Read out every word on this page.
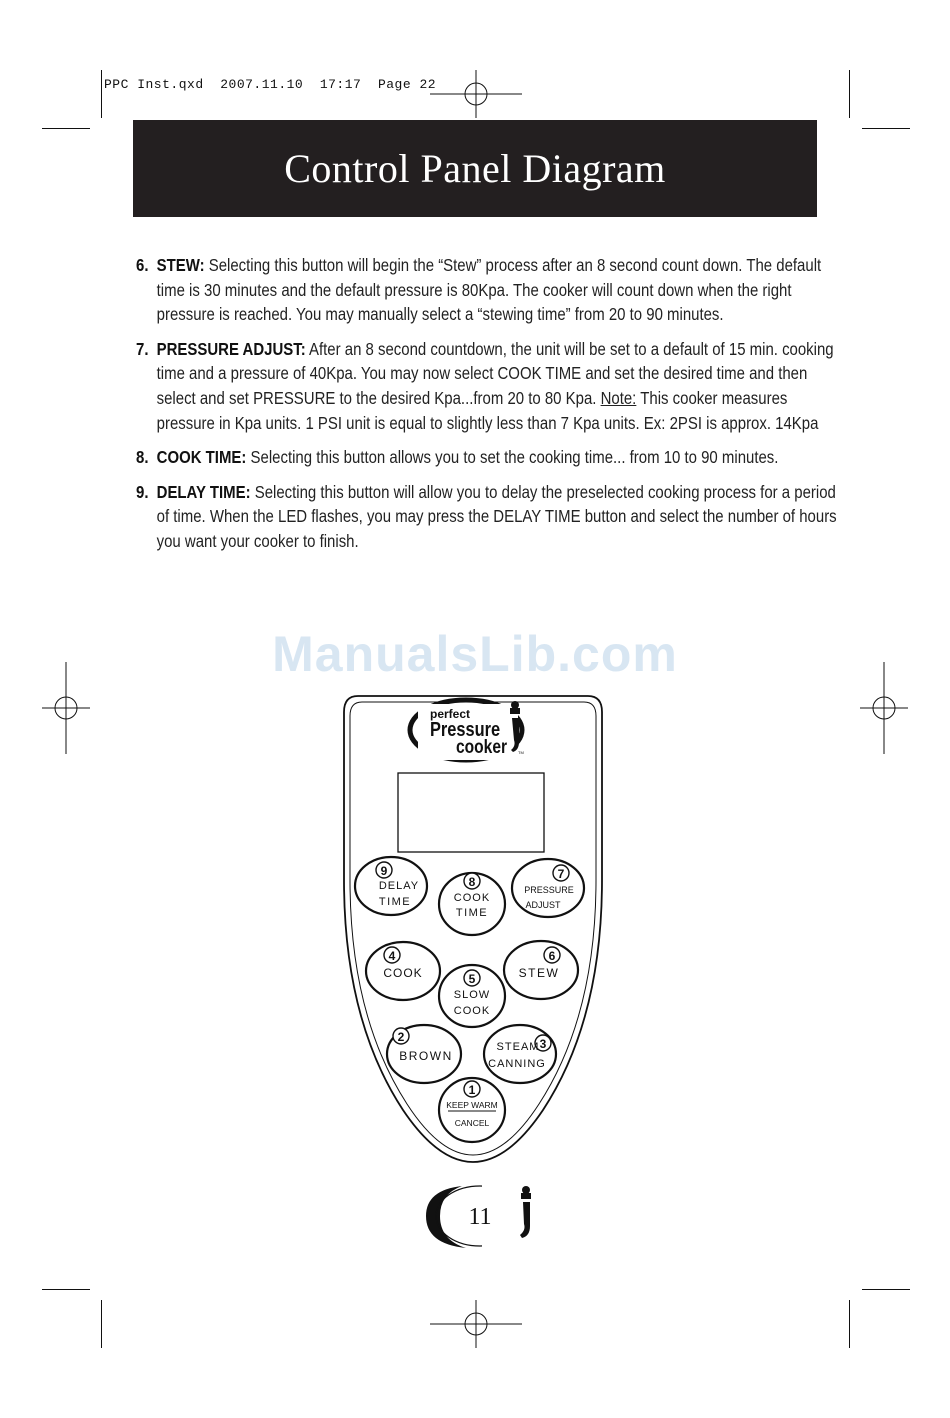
PPC Inst.qxd  2007.11.10  17:17  Page 22
Control Panel Diagram
6. STEW: Selecting this button will begin the “Stew” process after an 8 second count down. The default time is 30 minutes and the default pressure is 80Kpa. The cooker will count down when the right pressure is reached. You may manually select a “stewing time” from 20 to 90 minutes.
7. PRESSURE ADJUST: After an 8 second countdown, the unit will be set to a default of 15 min. cooking time and a pressure of 40Kpa. You may now select COOK TIME and set the desired time and then select and set PRESSURE to the desired Kpa...from 20 to 80 Kpa. Note: This cooker measures pressure in Kpa units. 1 PSI unit is equal to slightly less than 7 Kpa units. Ex: 2PSI is approx. 14Kpa
8. COOK TIME: Selecting this button allows you to set the cooking time... from 10 to 90 minutes.
9. DELAY TIME: Selecting this button will allow you to delay the preselected cooking process for a period of time. When the LED flashes, you may press the DELAY TIME button and select the number of hours you want your cooker to finish.
ManualsLib.com
perfect
Pressure
cooker	TM
9
DELAY
TIME
8
COOK
TIME
7
PRESSURE
ADJUST
4
COOK	5
SLOW
COOK
6
STEW
2
BROWN
3
STEAM
CANNING
1
KEEP WARM
CANCEL
11
